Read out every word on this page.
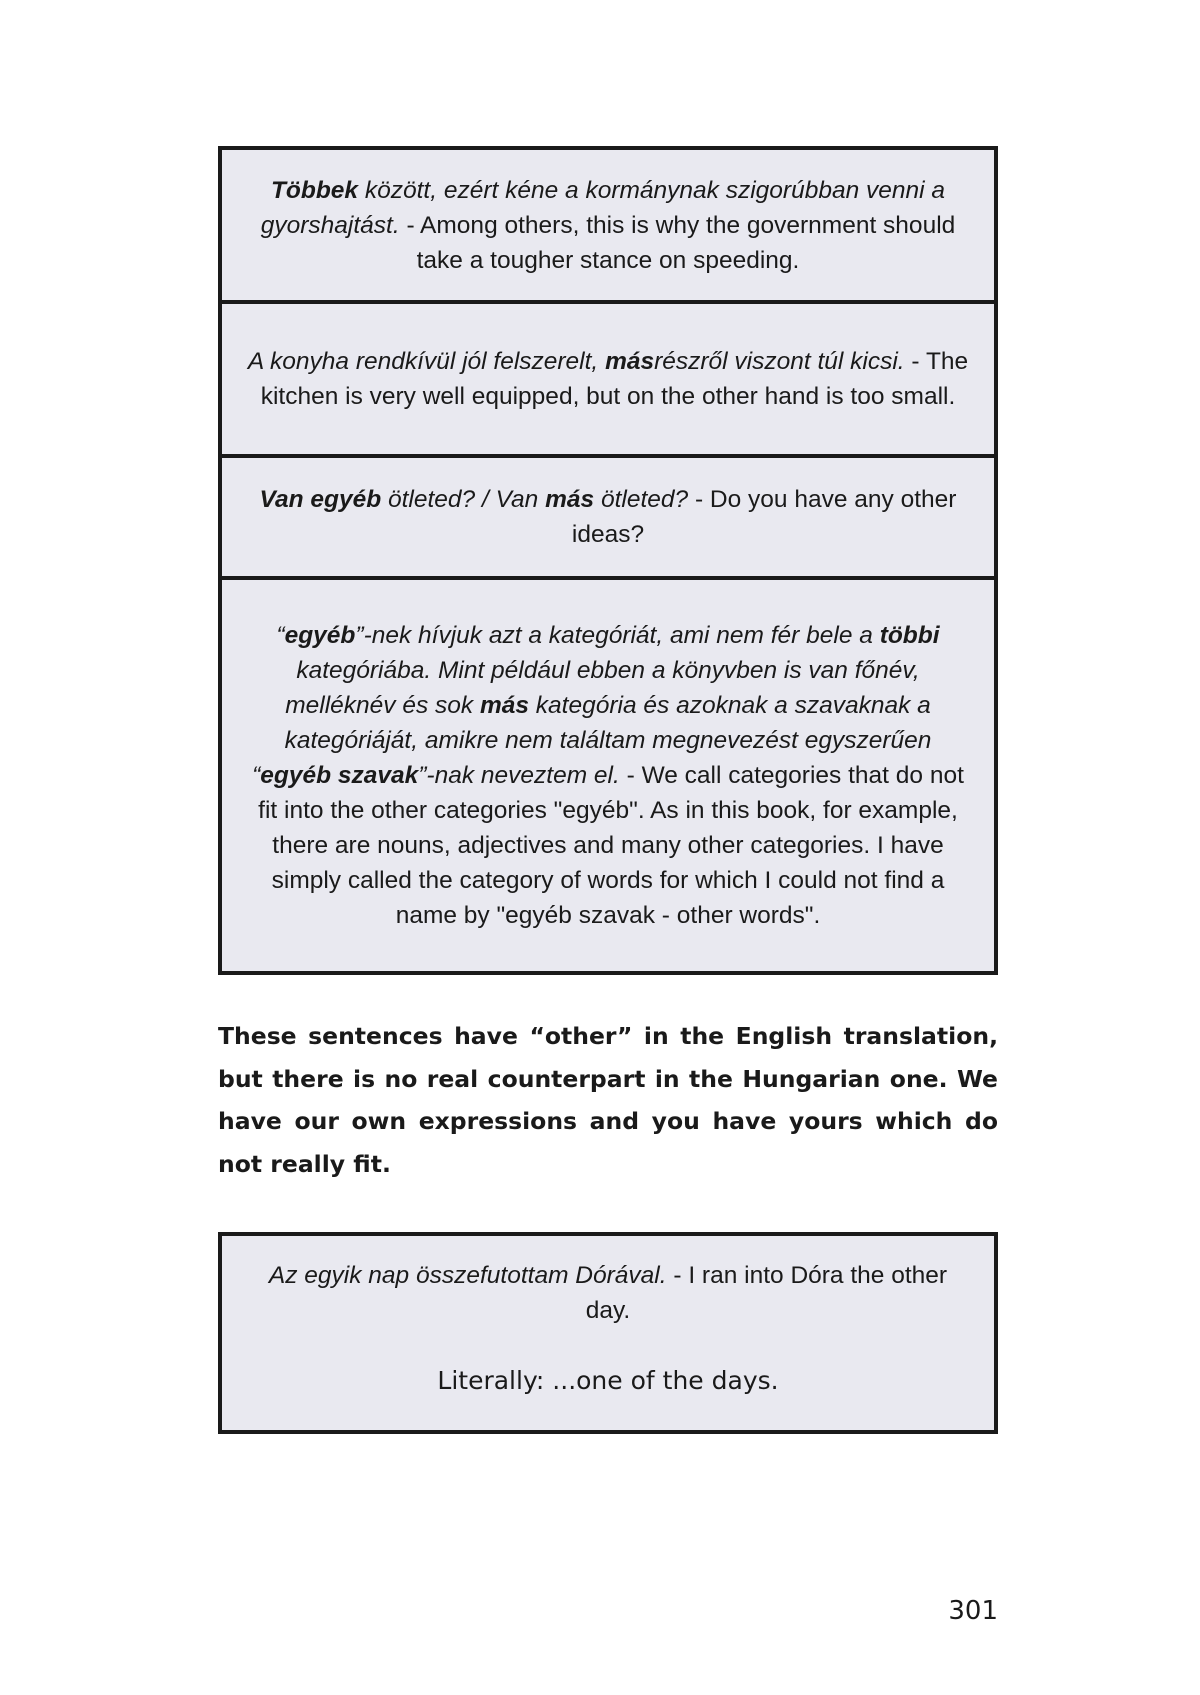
Többek között, ezért kéne a kormánynak szigorúbban venni a gyorshajtást. - Among others, this is why the government should take a tougher stance on speeding.

A konyha rendkívül jól felszerelt, másrészről viszont túl kicsi. - The kitchen is very well equipped, but on the other hand is too small.

Van egyéb ötleted? / Van más ötleted? - Do you have any other ideas?

“egyéb”-nek hívjuk azt a kategóriát, ami nem fér bele a többi kategóriába. Mint például ebben a könyvben is van főnév, melléknév és sok más kategória és azoknak a szavaknak a kategóriáját, amikre nem találtam megnevezést egyszerűen “egyéb szavak”-nak neveztem el. - We call categories that do not fit into the other categories "egyéb". As in this book, for example, there are nouns, adjectives and many other categories. I have simply called the category of words for which I could not find a name by "egyéb szavak - other words".

These sentences have “other” in the English translation, but there is no real counterpart in the Hungarian one. We have our own expressions and you have yours which do not really fit.

Az egyik nap összefutottam Dórával. - I ran into Dóra the other day.

Literally: ...one of the days.

301
